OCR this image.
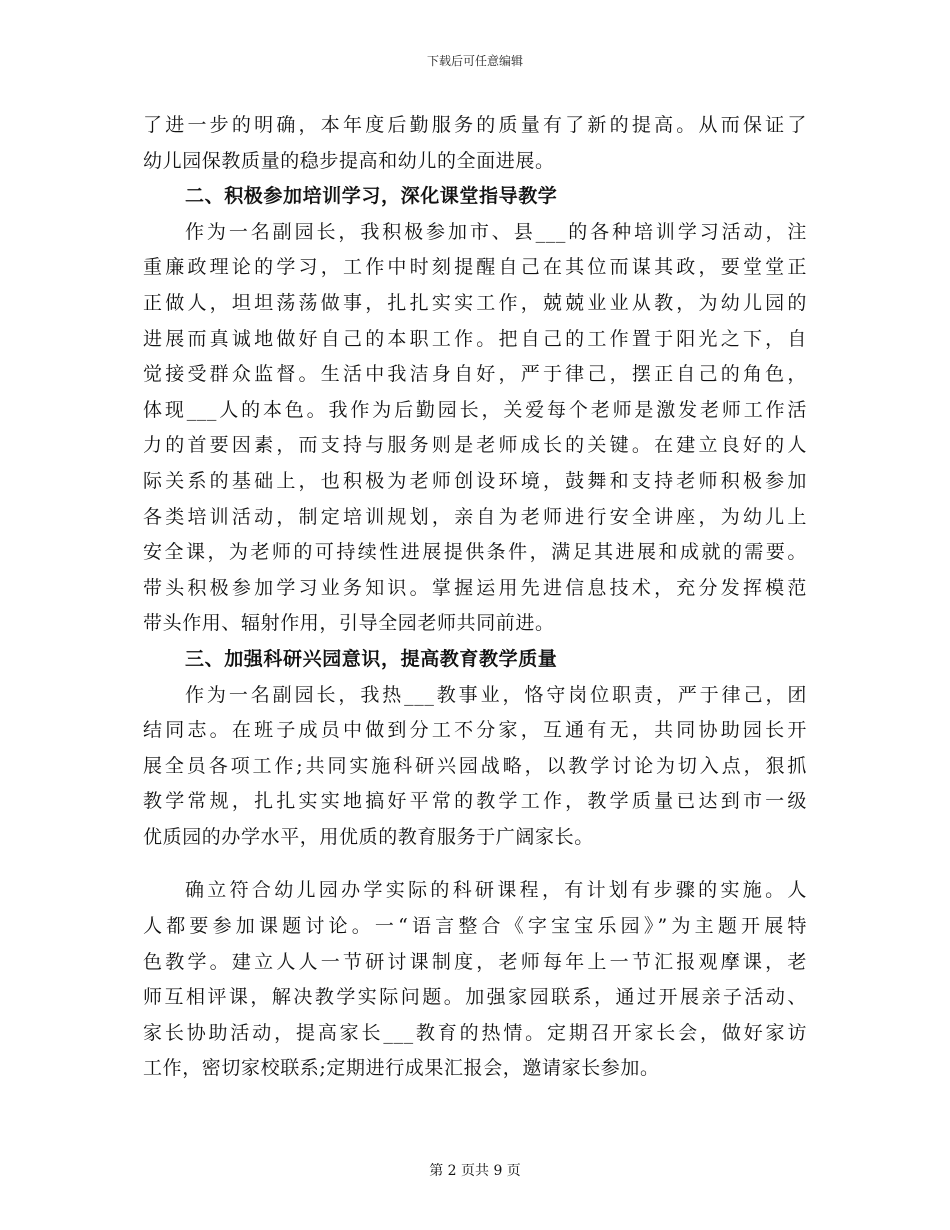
下载后可任意编辑
了进一步的明确，本年度后勤服务的质量有了新的提高。从而保证了
幼儿园保教质量的稳步提高和幼儿的全面进展。
二、积极参加培训学习，深化课堂指导教学
作为一名副园长，我积极参加市、县___的各种培训学习活动，注
重廉政理论的学习，工作中时刻提醒自己在其位而谋其政，要堂堂正
正做人，坦坦荡荡做事，扎扎实实工作，兢兢业业从教，为幼儿园的
进展而真诚地做好自己的本职工作。把自己的工作置于阳光之下，自
觉接受群众监督。生活中我洁身自好，严于律己，摆正自己的角色，
体现___人的本色。我作为后勤园长，关爱每个老师是激发老师工作活
力的首要因素，而支持与服务则是老师成长的关键。在建立良好的人
际关系的基础上，也积极为老师创设环境，鼓舞和支持老师积极参加
各类培训活动，制定培训规划，亲自为老师进行安全讲座，为幼儿上
安全课，为老师的可持续性进展提供条件，满足其进展和成就的需要。
带头积极参加学习业务知识。掌握运用先进信息技术，充分发挥模范
带头作用、辐射作用，引导全园老师共同前进。
三、加强科研兴园意识，提高教育教学质量
作为一名副园长，我热___教事业，恪守岗位职责，严于律己，团
结同志。在班子成员中做到分工不分家，互通有无，共同协助园长开
展全员各项工作;共同实施科研兴园战略，以教学讨论为切入点，狠抓
教学常规，扎扎实实地搞好平常的教学工作，教学质量已达到市一级
优质园的办学水平，用优质的教育服务于广阔家长。
确立符合幼儿园办学实际的科研课程，有计划有步骤的实施。人
人都要参加课题讨论。一“语言整合《字宝宝乐园》”为主题开展特
色教学。建立人人一节研讨课制度，老师每年上一节汇报观摩课，老
师互相评课，解决教学实际问题。加强家园联系，通过开展亲子活动、
家长协助活动，提高家长___教育的热情。定期召开家长会，做好家访
工作，密切家校联系;定期进行成果汇报会，邀请家长参加。
第 2 页共 9 页
